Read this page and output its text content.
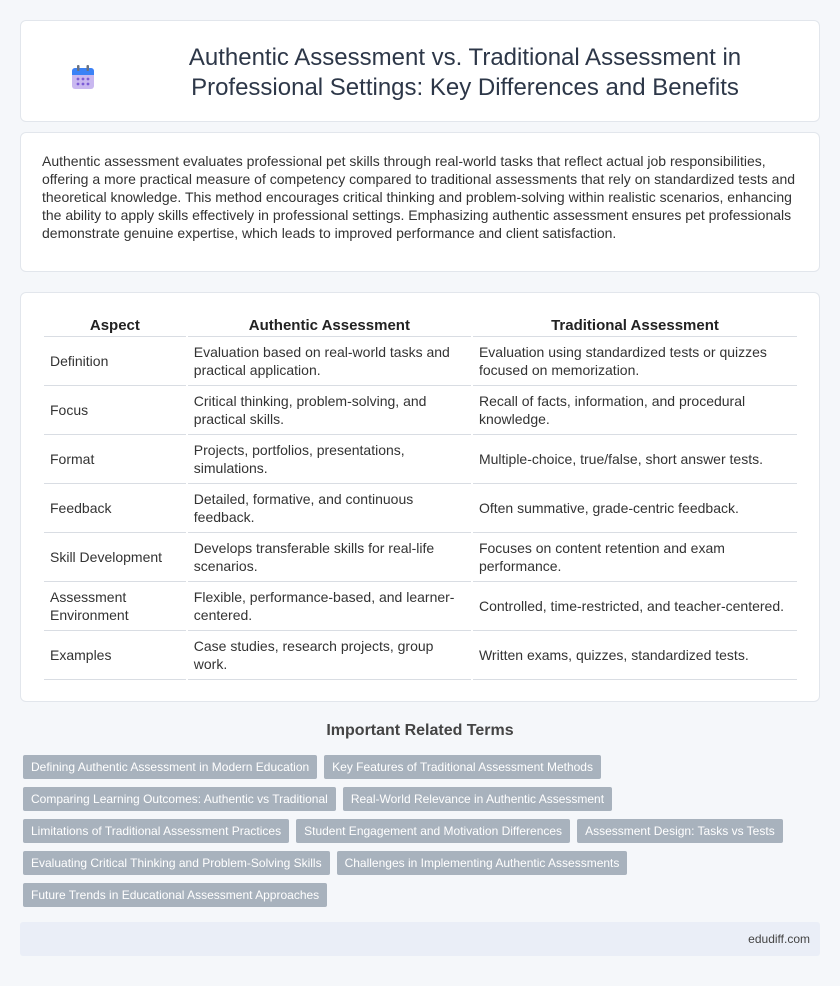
Authentic Assessment vs. Traditional Assessment in Professional Settings: Key Differences and Benefits

Authentic assessment evaluates professional pet skills through real-world tasks that reflect actual job responsibilities, offering a more practical measure of competency compared to traditional assessments that rely on standardized tests and theoretical knowledge. This method encourages critical thinking and problem-solving within realistic scenarios, enhancing the ability to apply skills effectively in professional settings. Emphasizing authentic assessment ensures pet professionals demonstrate genuine expertise, which leads to improved performance and client satisfaction.

Aspect	Authentic Assessment	Traditional Assessment
Definition	Evaluation based on real-world tasks and practical application.	Evaluation using standardized tests or quizzes focused on memorization.
Focus	Critical thinking, problem-solving, and practical skills.	Recall of facts, information, and procedural knowledge.
Format	Projects, portfolios, presentations, simulations.	Multiple-choice, true/false, short answer tests.
Feedback	Detailed, formative, and continuous feedback.	Often summative, grade-centric feedback.
Skill Development	Develops transferable skills for real-life scenarios.	Focuses on content retention and exam performance.
Assessment Environment	Flexible, performance-based, and learner-centered.	Controlled, time-restricted, and teacher-centered.
Examples	Case studies, research projects, group work.	Written exams, quizzes, standardized tests.
Important Related Terms
Defining Authentic Assessment in Modern Education	Key Features of Traditional Assessment Methods
Comparing Learning Outcomes: Authentic vs Traditional	Real-World Relevance in Authentic Assessment
Limitations of Traditional Assessment Practices	Student Engagement and Motivation Differences	Assessment Design: Tasks vs Tests
Evaluating Critical Thinking and Problem-Solving Skills	Challenges in Implementing Authentic Assessments
Future Trends in Educational Assessment Approaches
edudiff.com
